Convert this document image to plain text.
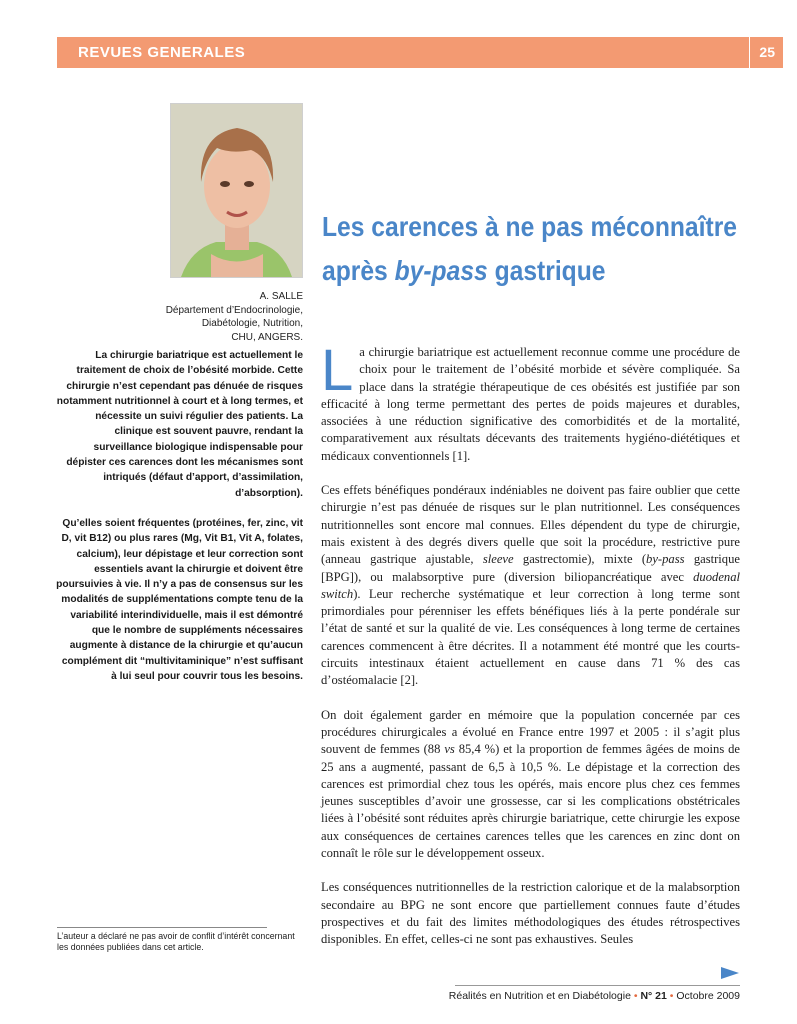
REVUES GENERALES	25
A. SALLE
Département d’Endocrinologie,
Diabétologie, Nutrition,
CHU, ANGERS.

La chirurgie bariatrique est actuellement le traitement de choix de l’obésité morbide. Cette chirurgie n’est cependant pas dénuée de risques notamment nutritionnel à court et à long termes, et nécessite un suivi régulier des patients. La clinique est souvent pauvre, rendant la surveillance biologique indispensable pour dépister ces carences dont les mécanismes sont intriqués (défaut d’apport, d’assimilation, d’absorption).

Qu’elles soient fréquentes (protéines, fer, zinc, vit D, vit B12) ou plus rares (Mg, Vit B1, Vit A, folates, calcium), leur dépistage et leur correction sont essentiels avant la chirurgie et doivent être poursuivies à vie. Il n’y a pas de consensus sur les modalités de supplémentations compte tenu de la variabilité interindividuelle, mais il est démontré que le nombre de suppléments nécessaires augmente à distance de la chirurgie et qu’aucun complément dit “multivitaminique” n’est suffisant à lui seul pour couvrir tous les besoins.

L’auteur a déclaré ne pas avoir de conflit d’intérêt concernant les données publiées dans cet article.
Les carences à ne pas méconnaître
après by-pass gastrique

La chirurgie bariatrique est actuellement reconnue comme une procédure de choix pour le traitement de l’obésité morbide et sévère compliquée. Sa place dans la stratégie thérapeutique de ces obésités est justifiée par son efficacité à long terme permettant des pertes de poids majeures et durables, associées à une réduction significative des comorbidités et de la mortalité, comparativement aux résultats décevants des traitements hygiéno-diététiques et médicaux conventionnels [1].

Ces effets bénéfiques pondéraux indéniables ne doivent pas faire oublier que cette chirurgie n’est pas dénuée de risques sur le plan nutritionnel. Les conséquences nutritionnelles sont encore mal connues. Elles dépendent du type de chirurgie, mais existent à des degrés divers quelle que soit la procédure, restrictive pure (anneau gastrique ajustable, sleeve gastrectomie), mixte (by-pass gastrique [BPG]), ou malabsorptive pure (diversion biliopancréatique avec duodenal switch). Leur recherche systématique et leur correction à long terme sont primordiales pour pérenniser les effets bénéfiques liés à la perte pondérale sur l’état de santé et sur la qualité de vie. Les conséquences à long terme de certaines carences commencent à être décrites. Il a notamment été montré que les courts-circuits intestinaux étaient actuellement en cause dans 71 % des cas d’ostéomalacie [2].

On doit également garder en mémoire que la population concernée par ces procédures chirurgicales a évolué en France entre 1997 et 2005 : il s’agit plus souvent de femmes (88 vs 85,4 %) et la proportion de femmes âgées de moins de 25 ans a augmenté, passant de 6,5 à 10,5 %. Le dépistage et la correction des carences est primordial chez tous les opérés, mais encore plus chez ces femmes jeunes susceptibles d’avoir une grossesse, car si les complications obstétricales liées à l’obésité sont réduites après chirurgie bariatrique, cette chirurgie les expose aux conséquences de certaines carences telles que les carences en zinc dont on connaît le rôle sur le développement osseux.

Les conséquences nutritionnelles de la restriction calorique et de la malabsorption secondaire au BPG ne sont encore que partiellement connues faute d’études prospectives et du fait des limites méthodologiques des études rétrospectives disponibles. En effet, celles-ci ne sont pas exhaustives. Seules

Réalités en Nutrition et en Diabétologie • N° 21 • Octobre 2009
